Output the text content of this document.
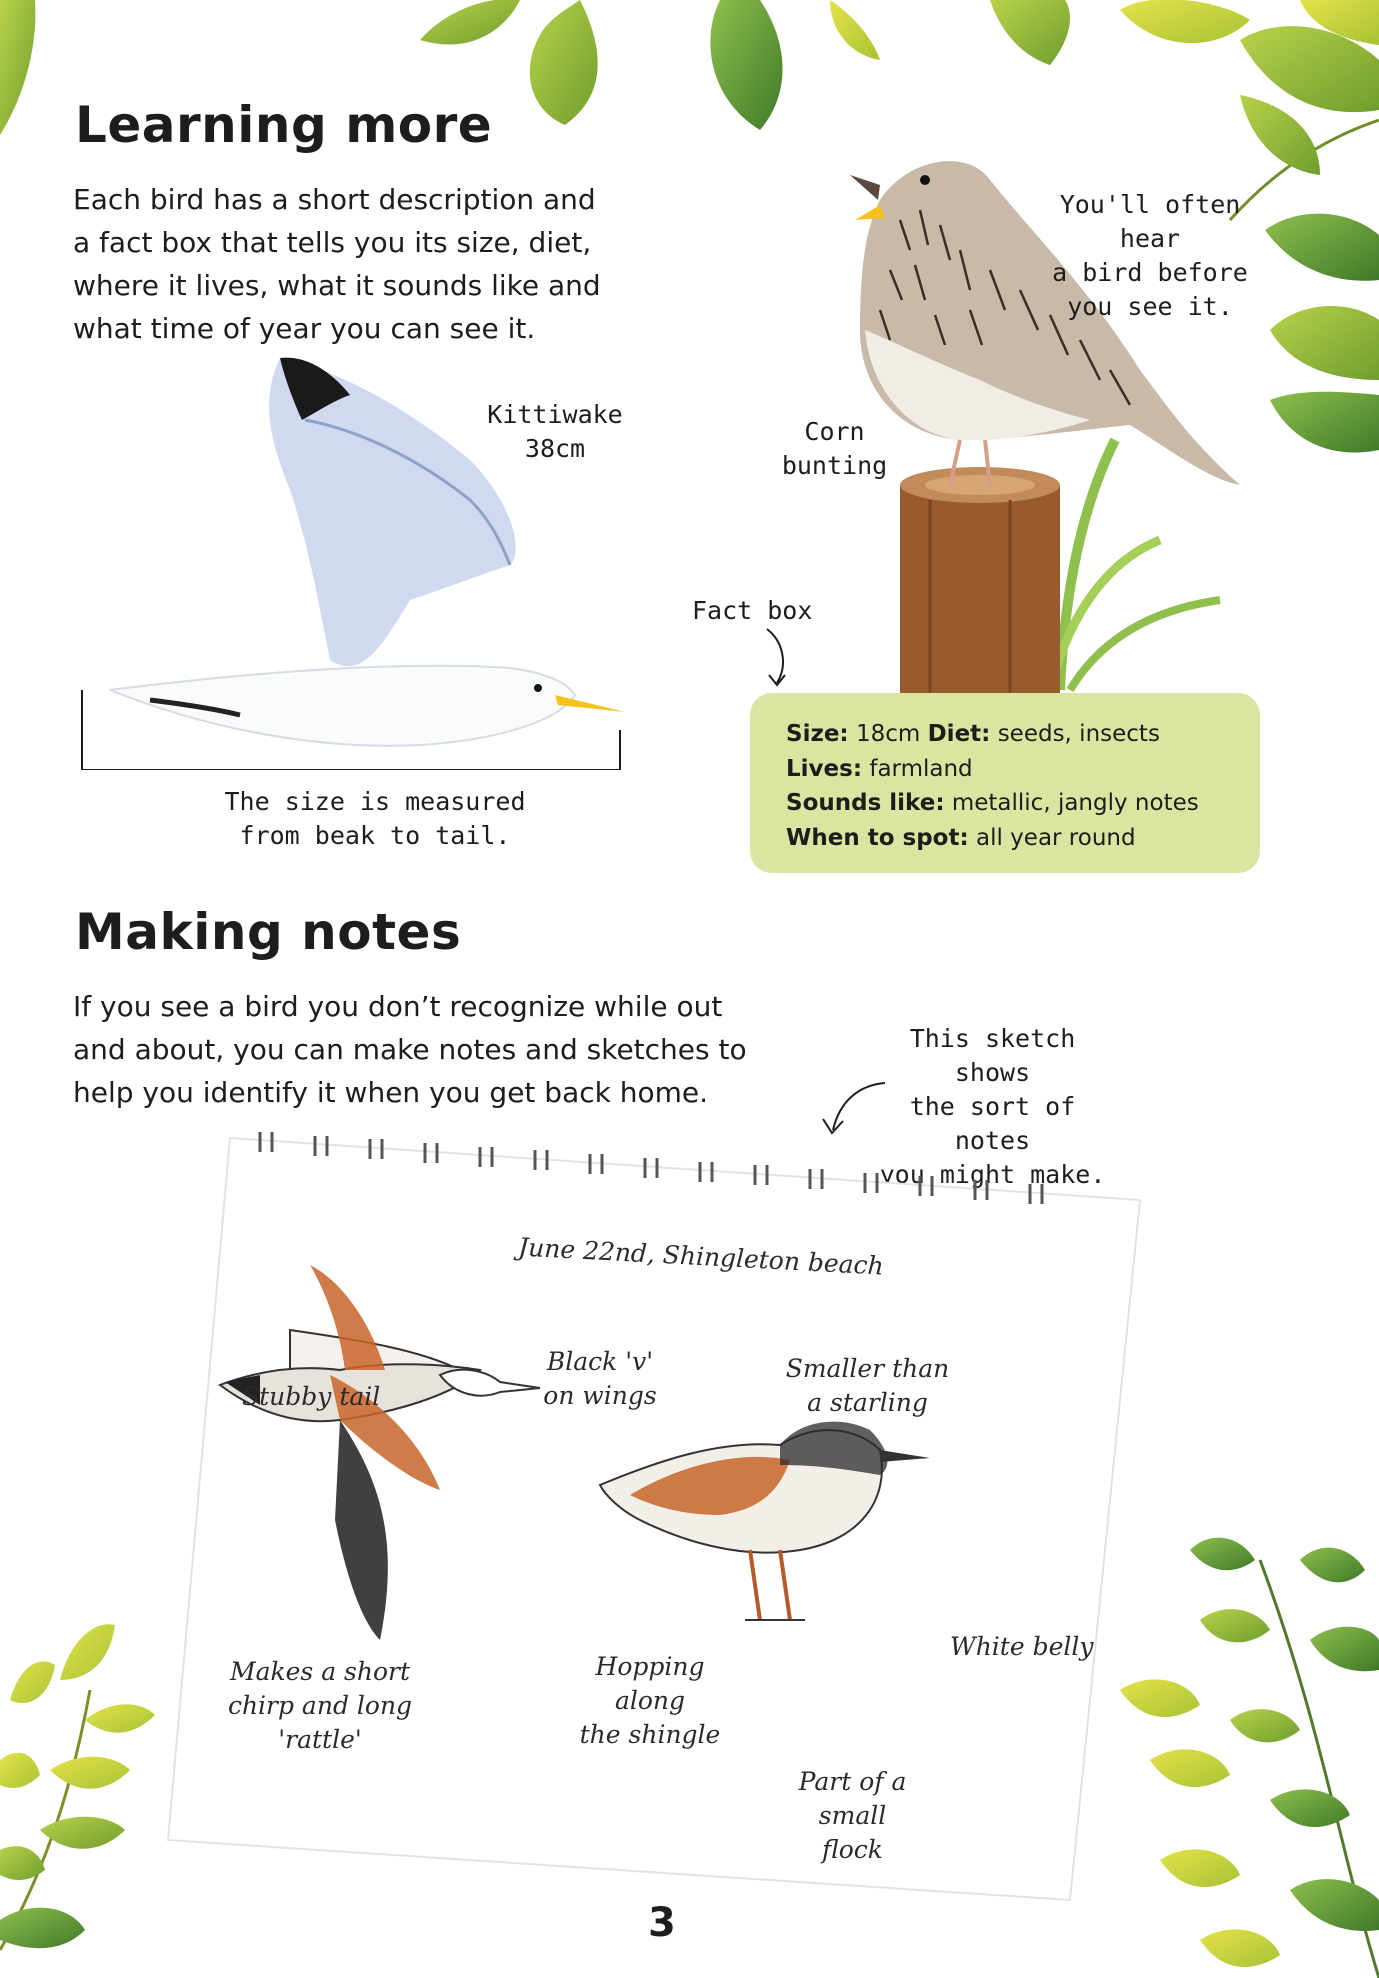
Learning more
Each bird has a short description and
a fact box that tells you its size, diet,
where it lives, what it sounds like and
what time of year you can see it.
Kittiwake
38cm
The size is measured
from beak to tail.
You'll often hear
a bird before
you see it.
Corn
bunting
Fact box
Size: 18cm Diet: seeds, insects
Lives: farmland
Sounds like: metallic, jangly notes
When to spot: all year round
Making notes
If you see a bird you don’t recognize while out
and about, you can make notes and sketches to
help you identify it when you get back home.
This sketch shows
the sort of notes
you might make.
June 22nd, Shingleton beach
Stubby tail
Black 'v'
on wings
Smaller than
a starling
Makes a short
chirp and long
'rattle'
Hopping along
the shingle
White belly
Part of a
small flock
3
